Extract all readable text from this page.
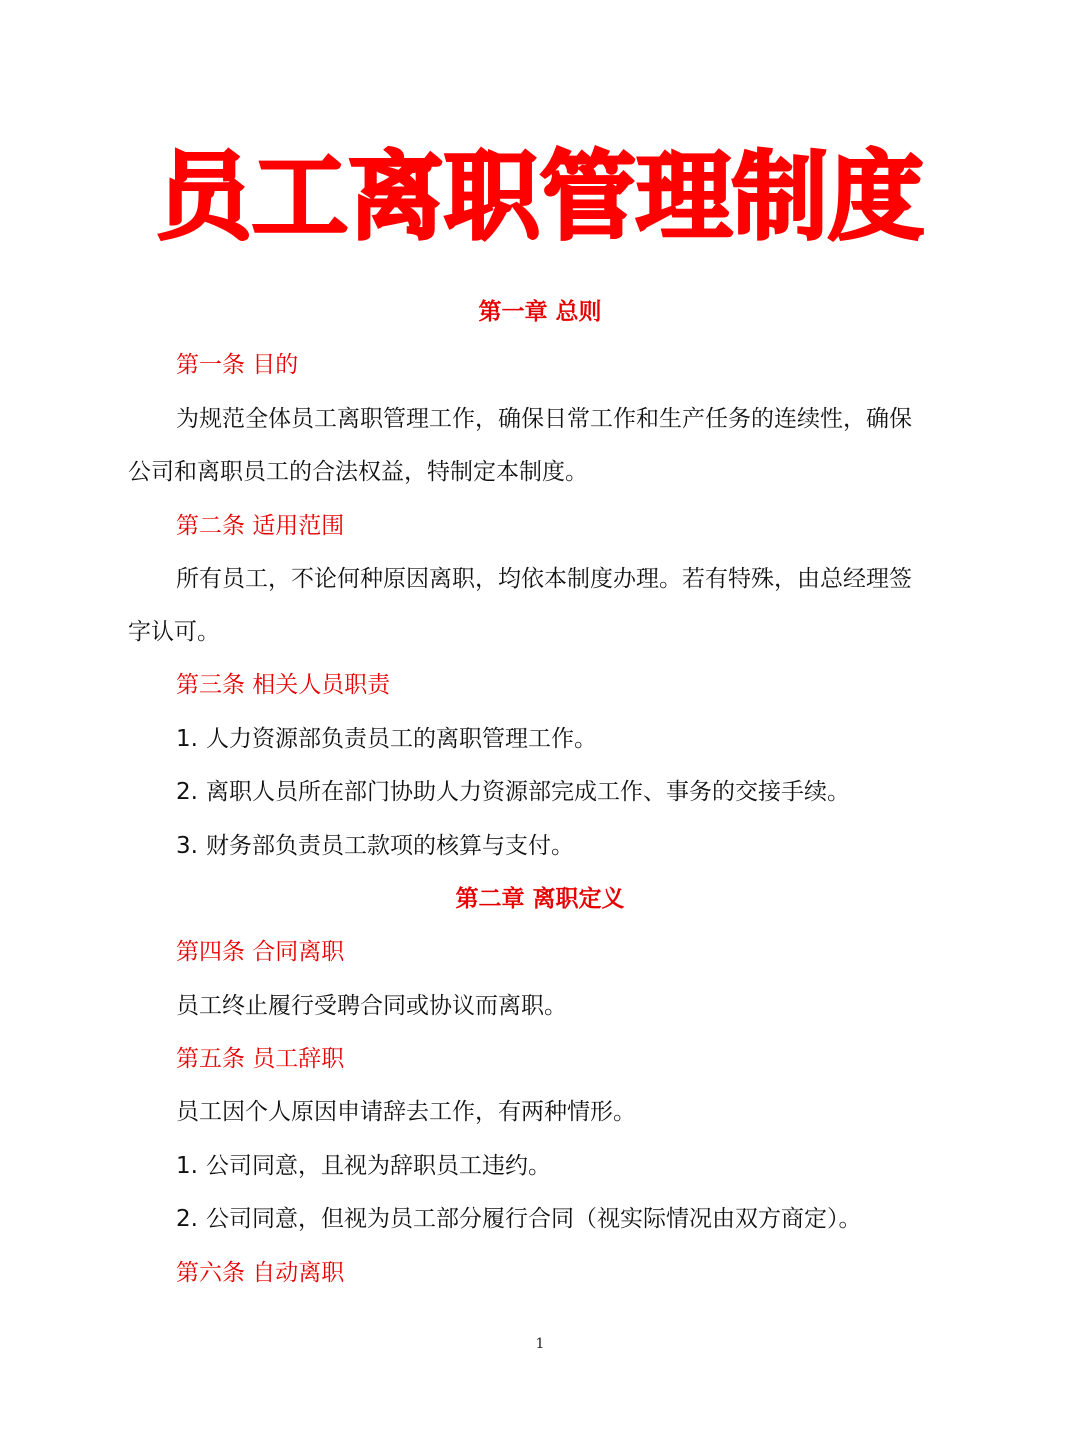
员工离职管理制度
第一章 总则
第一条 目的
为规范全体员工离职管理工作，确保日常工作和生产任务的连续性，确保
公司和离职员工的合法权益，特制定本制度。
第二条 适用范围
所有员工，不论何种原因离职，均依本制度办理。若有特殊，由总经理签
字认可。
第三条 相关人员职责
1. 人力资源部负责员工的离职管理工作。
2. 离职人员所在部门协助人力资源部完成工作、事务的交接手续。
3. 财务部负责员工款项的核算与支付。
第二章 离职定义
第四条 合同离职
员工终止履行受聘合同或协议而离职。
第五条 员工辞职
员工因个人原因申请辞去工作，有两种情形。
1. 公司同意，且视为辞职员工违约。
2. 公司同意，但视为员工部分履行合同（视实际情况由双方商定）。
第六条 自动离职
1
